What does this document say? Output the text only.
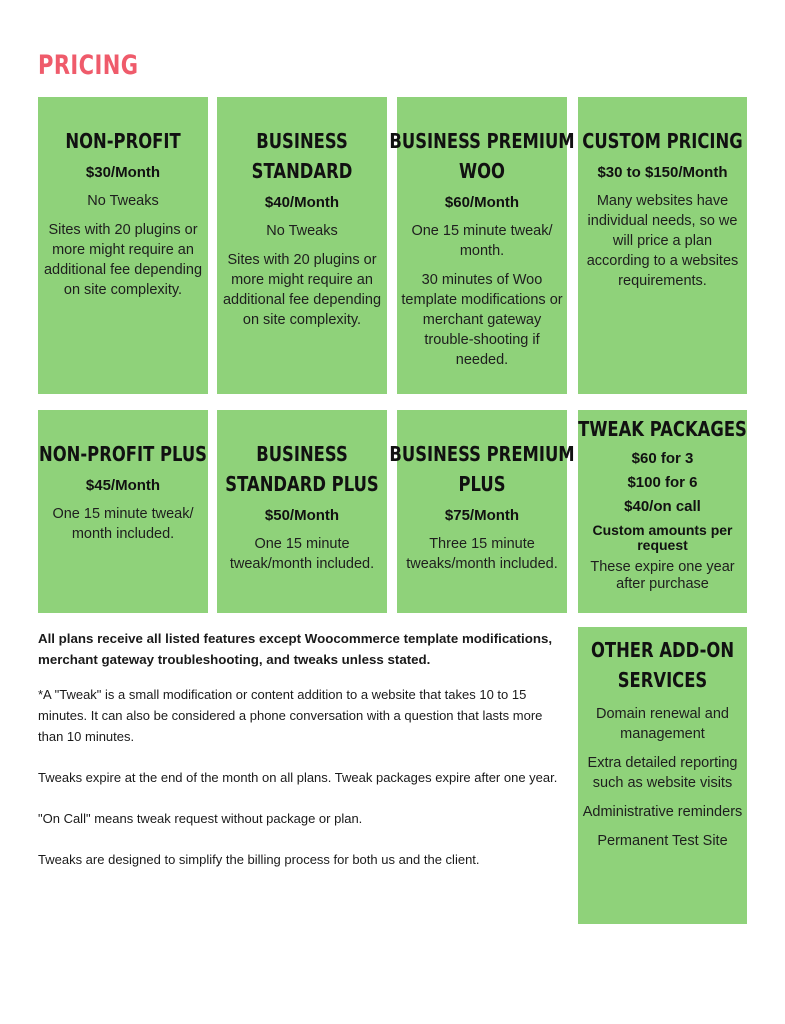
PRICING
NON-PROFIT
$30/Month
No Tweaks
Sites with 20 plugins or more might require an additional fee depending on site complexity.
BUSINESS STANDARD
$40/Month
No Tweaks
Sites with 20 plugins or more might require an additional fee depending on site complexity.
BUSINESS PREMIUM WOO
$60/Month
One 15 minute tweak/ month.
30 minutes of Woo template modifications or merchant gateway trouble-shooting if needed.
CUSTOM PRICING
$30 to $150/Month
Many websites have individual needs, so we will price a plan according to a websites requirements.
NON-PROFIT PLUS
$45/Month
One 15 minute tweak/ month included.
BUSINESS STANDARD PLUS
$50/Month
One 15 minute tweak/month included.
BUSINESS PREMIUM PLUS
$75/Month
Three 15 minute tweaks/month included.
TWEAK PACKAGES
$60 for 3
$100 for 6
$40/on call
Custom amounts per request
These expire one year after purchase
OTHER ADD-ON SERVICES
Domain renewal and management
Extra detailed reporting such as website visits
Administrative reminders
Permanent Test Site
All plans receive all listed features except Woocommerce template modifications, merchant gateway troubleshooting, and tweaks unless stated.
*A "Tweak" is a small modification or content addition to a website that takes 10 to 15 minutes. It can also be considered a phone conversation with a question that lasts more than 10 minutes.
Tweaks expire at the end of the month on all plans. Tweak packages expire after one year.
"On Call" means tweak request without package or plan.
Tweaks are designed to simplify the billing process for both us and the client.
